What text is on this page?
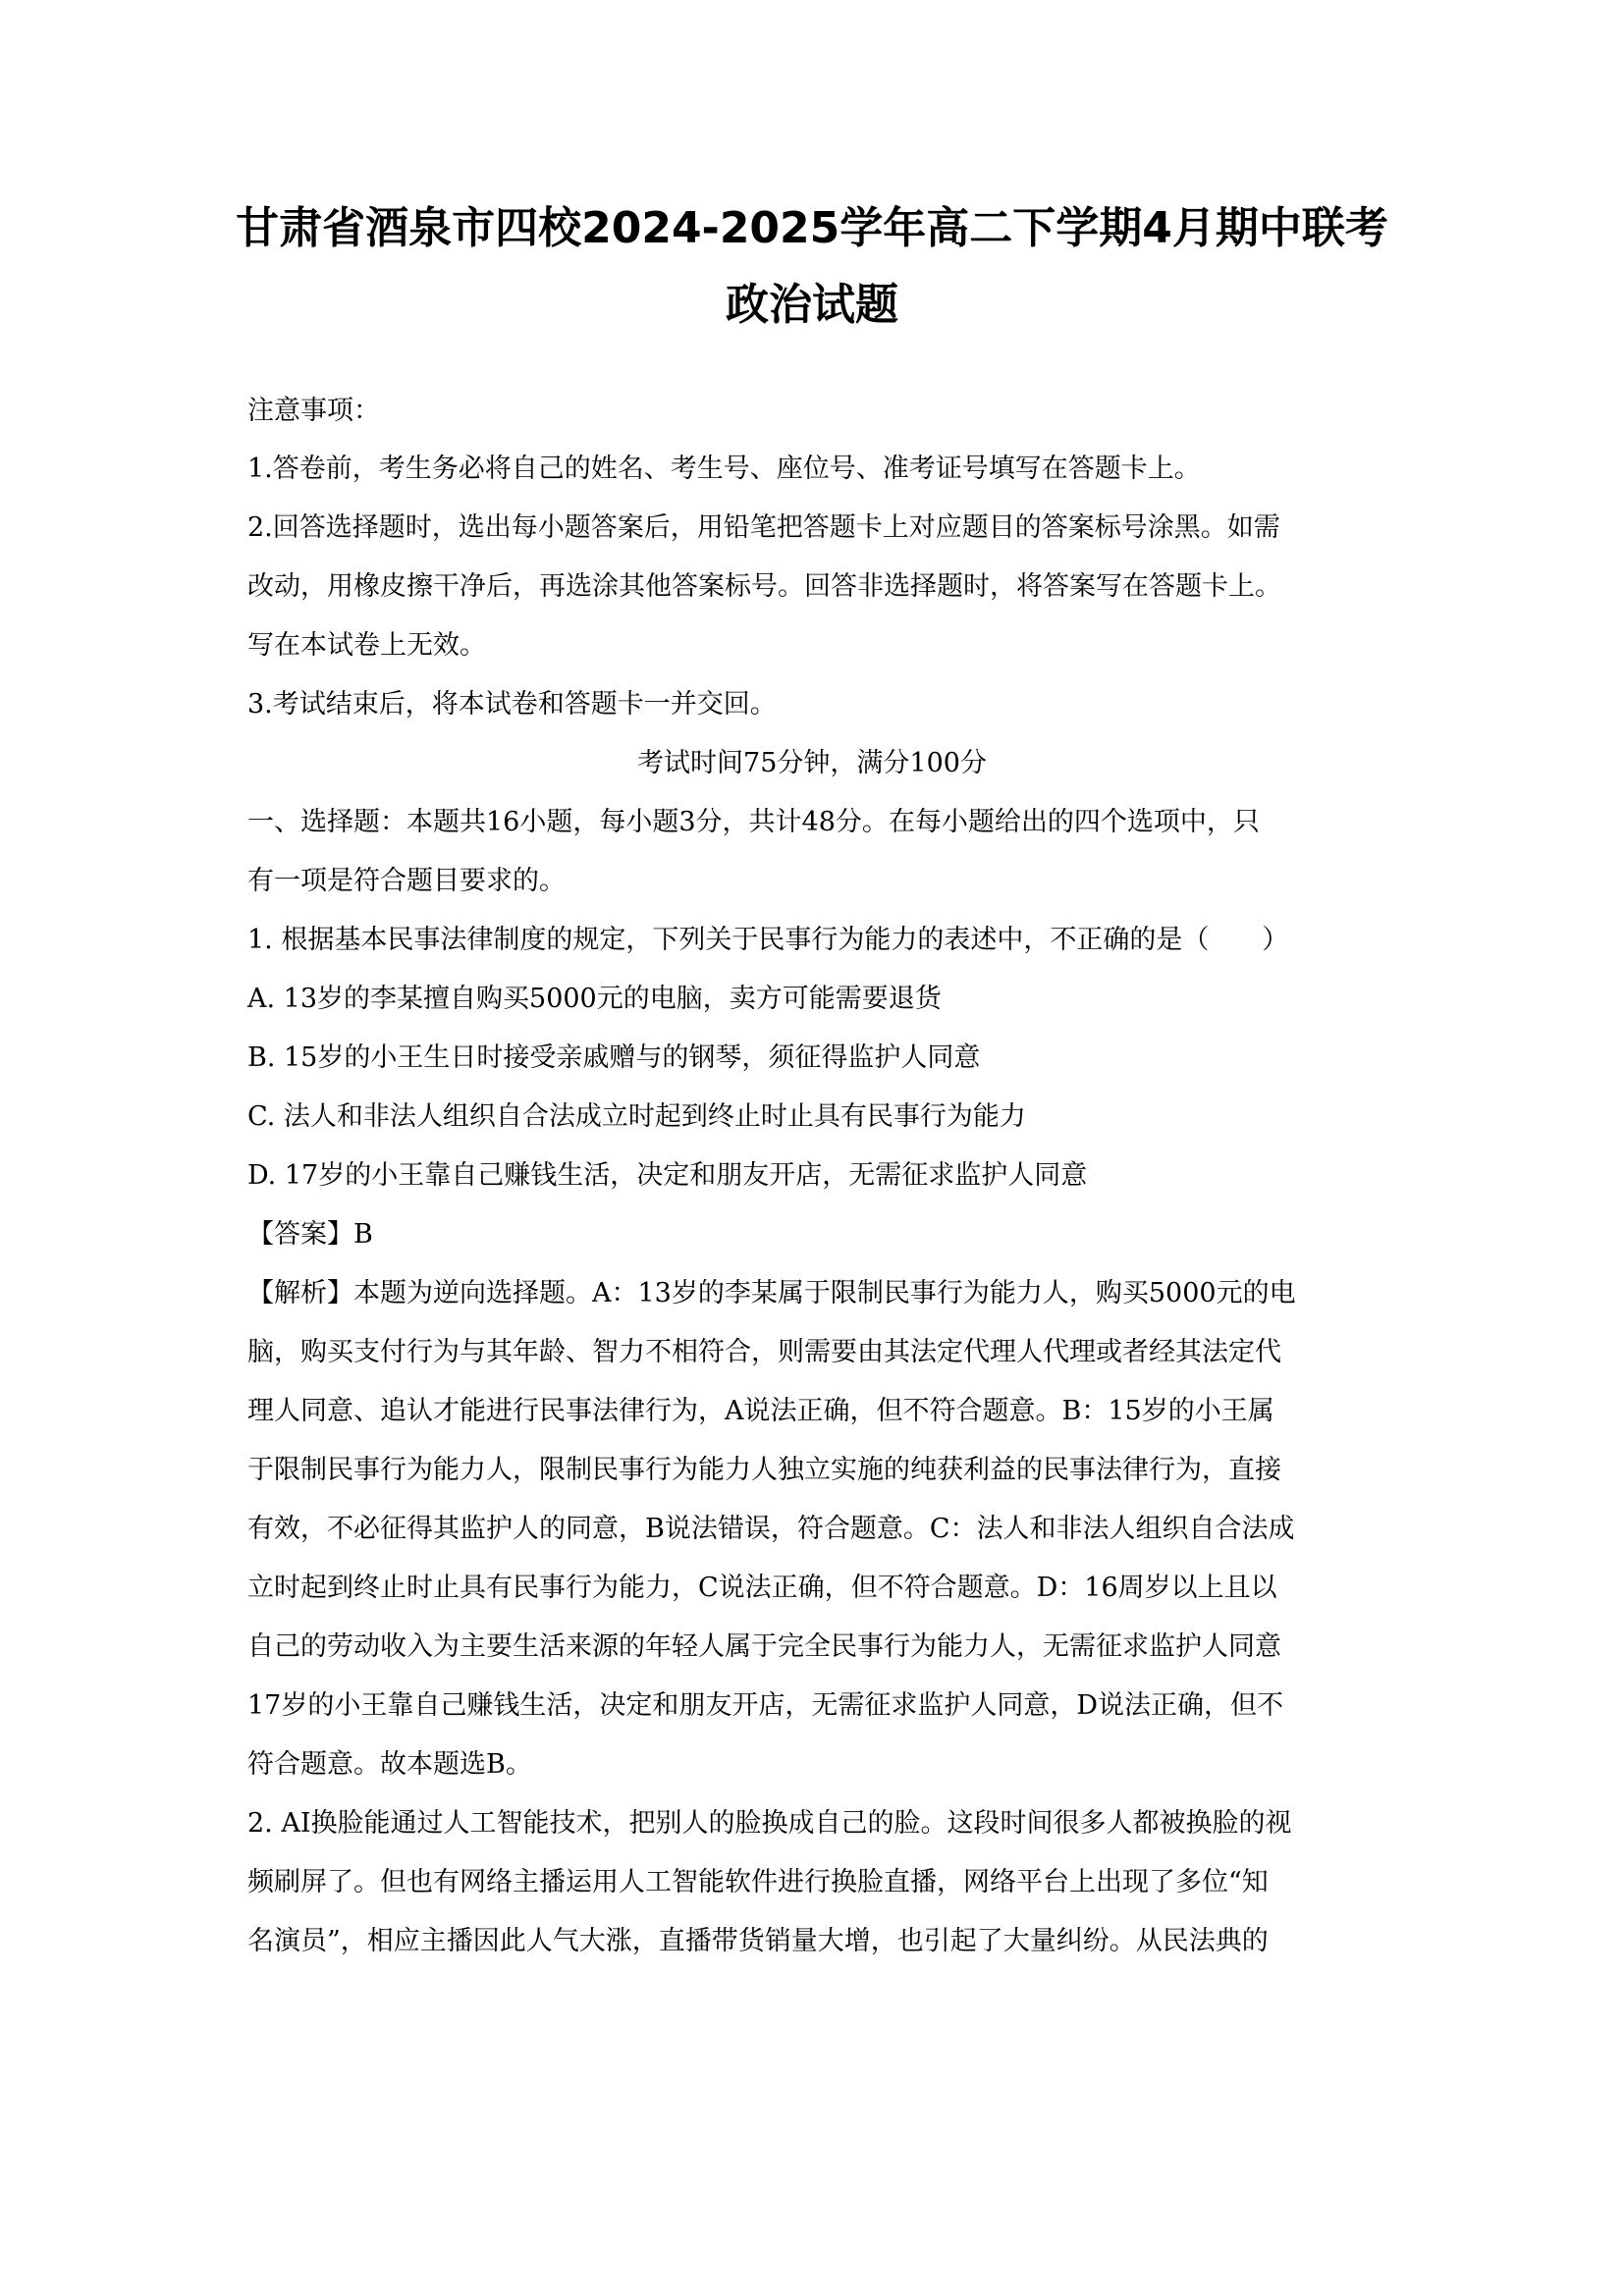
甘肃省酒泉市四校2024-2025学年高二下学期4月期中联考
政治试题
注意事项：
1.答卷前，考生务必将自己的姓名、考生号、座位号、准考证号填写在答题卡上。
2.回答选择题时，选出每小题答案后，用铅笔把答题卡上对应题目的答案标号涂黑。如需
改动，用橡皮擦干净后，再选涂其他答案标号。回答非选择题时，将答案写在答题卡上。
写在本试卷上无效。
3.考试结束后，将本试卷和答题卡一并交回。
考试时间75分钟，满分100分
一、选择题：本题共16小题，每小题3分，共计48分。在每小题给出的四个选项中，只
有一项是符合题目要求的。
1. 根据基本民事法律制度的规定，下列关于民事行为能力的表述中，不正确的是（　　）
A. 13岁的李某擅自购买5000元的电脑，卖方可能需要退货
B. 15岁的小王生日时接受亲戚赠与的钢琴，须征得监护人同意
C. 法人和非法人组织自合法成立时起到终止时止具有民事行为能力
D. 17岁的小王靠自己赚钱生活，决定和朋友开店，无需征求监护人同意
【答案】B
【解析】本题为逆向选择题。A：13岁的李某属于限制民事行为能力人，购买5000元的电
脑，购买支付行为与其年龄、智力不相符合，则需要由其法定代理人代理或者经其法定代
理人同意、追认才能进行民事法律行为，A说法正确，但不符合题意。B：15岁的小王属
于限制民事行为能力人，限制民事行为能力人独立实施的纯获利益的民事法律行为，直接
有效，不必征得其监护人的同意，B说法错误，符合题意。C：法人和非法人组织自合法成
立时起到终止时止具有民事行为能力，C说法正确，但不符合题意。D：16周岁以上且以
自己的劳动收入为主要生活来源的年轻人属于完全民事行为能力人，无需征求监护人同意
17岁的小王靠自己赚钱生活，决定和朋友开店，无需征求监护人同意，D说法正确，但不
符合题意。故本题选B。
2. AI换脸能通过人工智能技术，把别人的脸换成自己的脸。这段时间很多人都被换脸的视
频刷屏了。但也有网络主播运用人工智能软件进行换脸直播，网络平台上出现了多位“知
名演员”，相应主播因此人气大涨，直播带货销量大增，也引起了大量纠纷。从民法典的
